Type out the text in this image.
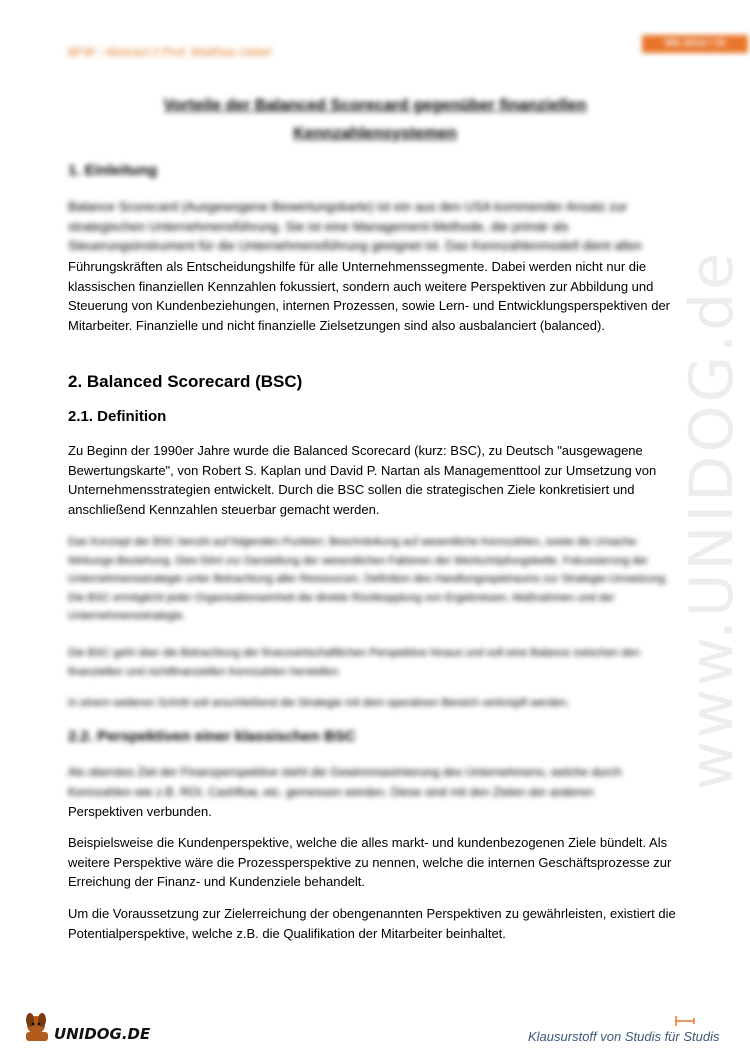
BFW - Abstract // Prof. Matthias Uebel
WS 2014 / 15
www.UNIDOG.de
Vorteile der Balanced Scorecard gegenüber finanziellen Kennzahlensystemen
1. Einleitung

Balance Scorecard (Ausgewogene Bewertungskarte) ist ein aus den USA kommender Ansatz zur strategischen Unternehmensführung. Sie ist eine Management-Methode, die primär als Steuerungsinstrument für die Unternehmensführung geeignet ist. Das Kennzahlenmodell dient allen

Führungskräften als Entscheidungshilfe für alle Unternehmenssegmente. Dabei werden nicht nur die klassischen finanziellen Kennzahlen fokussiert, sondern auch weitere Perspektiven zur Abbildung und Steuerung von Kundenbeziehungen, internen Prozessen, sowie Lern- und Entwicklungsperspektiven der Mitarbeiter. Finanzielle und nicht finanzielle Zielsetzungen sind also ausbalanciert (balanced).

2. Balanced Scorecard (BSC)
2.1. Definition

Zu Beginn der 1990er Jahre wurde die Balanced Scorecard (kurz: BSC), zu Deutsch "ausgewagene Bewertungskarte", von Robert S. Kaplan und David P. Nartan als Managementtool zur Umsetzung von Unternehmensstrategien entwickelt. Durch die BSC sollen die strategischen Ziele konkretisiert und anschließend Kennzahlen steuerbar gemacht werden.

Das Konzept der BSC beruht auf folgenden Punkten: Beschränkung auf wesentliche Kennzahlen, sowie die Ursache-Wirkungs-Beziehung. Dies führt zur Darstellung der wesentlichen Faktoren der Wertschöpfungskette. Fokussierung der Unternehmensstrategie unter Betrachtung aller Ressourcen. Definition des Handlungsspielraums zur Strategie-Umsetzung. Die BSC ermöglicht jeder Organisationseinheit die direkte Rückkopplung von Ergebnissen, Maßnahmen und der Unternehmensstrategie.

Die BSC geht über die Betrachtung der finanzwirtschaftlichen Perspektive hinaus und soll eine Balance zwischen den finanziellen und nichtfinanziellen Kennzahlen herstellen.

In einem weiteren Schritt soll anschließend die Strategie mit dem operativen Bereich verknüpft werden.

2.2. Perspektiven einer klassischen BSC

Als oberstes Ziel der Finanzperspektive steht die Gewinnmaximierung des Unternehmens, welche durch Kennzahlen wie z.B. ROI, Cashflow, etc. gemessen werden. Diese sind mit den Zielen der anderen

Perspektiven verbunden.

Beispielsweise die Kundenperspektive, welche die alles markt- und kundenbezogenen Ziele bündelt. Als weitere Perspektive wäre die Prozessperspektive zu nennen, welche die internen Geschäftsprozesse zur Erreichung der Finanz- und Kundenziele behandelt.

Um die Voraussetzung zur Zielerreichung der obengenannten Perspektiven zu gewährleisten, existiert die Potentialperspektive, welche z.B. die Qualifikation der Mitarbeiter beinhaltet.

UNIDOG.DE	Klausurstoff von Studis für Studis
